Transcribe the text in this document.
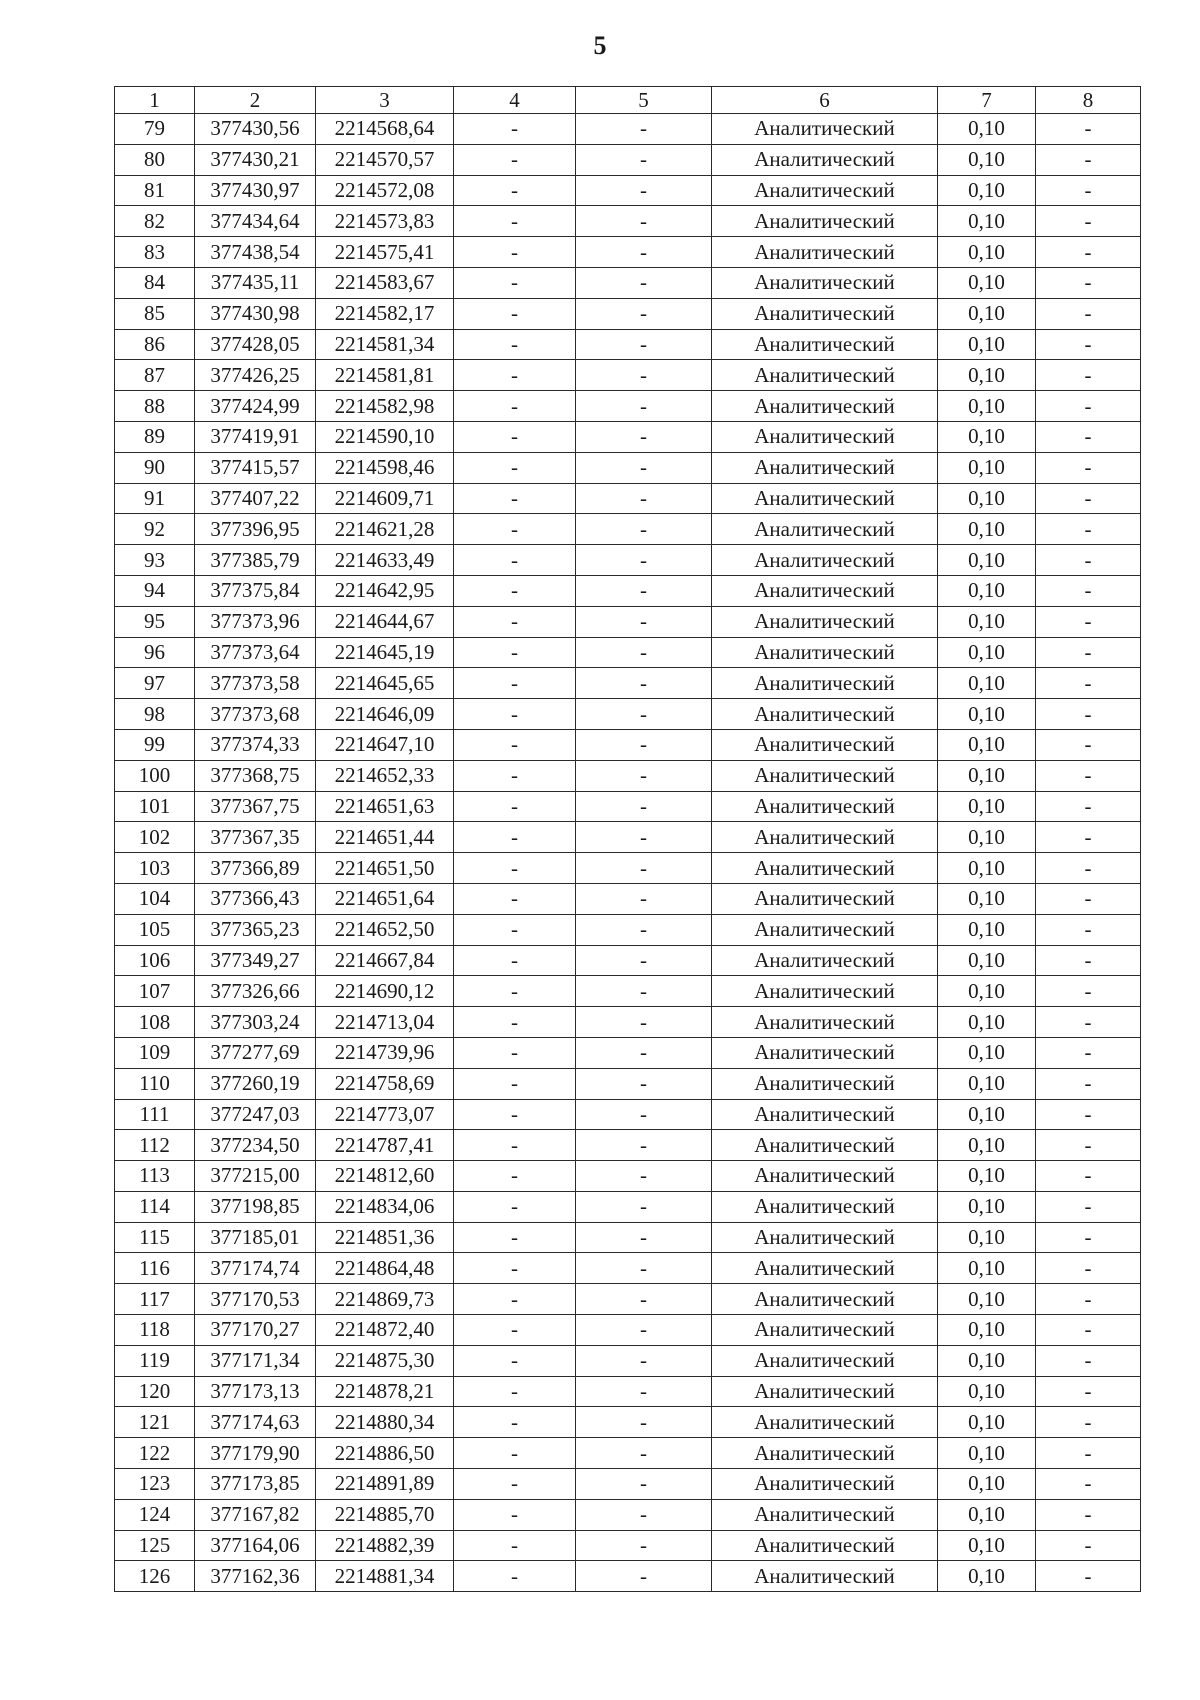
5
1	2	3	4	5	6	7	8
79	377430,56	2214568,64	-	-	Аналитический	0,10	-
80	377430,21	2214570,57	-	-	Аналитический	0,10	-
81	377430,97	2214572,08	-	-	Аналитический	0,10	-
82	377434,64	2214573,83	-	-	Аналитический	0,10	-
83	377438,54	2214575,41	-	-	Аналитический	0,10	-
84	377435,11	2214583,67	-	-	Аналитический	0,10	-
85	377430,98	2214582,17	-	-	Аналитический	0,10	-
86	377428,05	2214581,34	-	-	Аналитический	0,10	-
87	377426,25	2214581,81	-	-	Аналитический	0,10	-
88	377424,99	2214582,98	-	-	Аналитический	0,10	-
89	377419,91	2214590,10	-	-	Аналитический	0,10	-
90	377415,57	2214598,46	-	-	Аналитический	0,10	-
91	377407,22	2214609,71	-	-	Аналитический	0,10	-
92	377396,95	2214621,28	-	-	Аналитический	0,10	-
93	377385,79	2214633,49	-	-	Аналитический	0,10	-
94	377375,84	2214642,95	-	-	Аналитический	0,10	-
95	377373,96	2214644,67	-	-	Аналитический	0,10	-
96	377373,64	2214645,19	-	-	Аналитический	0,10	-
97	377373,58	2214645,65	-	-	Аналитический	0,10	-
98	377373,68	2214646,09	-	-	Аналитический	0,10	-
99	377374,33	2214647,10	-	-	Аналитический	0,10	-
100	377368,75	2214652,33	-	-	Аналитический	0,10	-
101	377367,75	2214651,63	-	-	Аналитический	0,10	-
102	377367,35	2214651,44	-	-	Аналитический	0,10	-
103	377366,89	2214651,50	-	-	Аналитический	0,10	-
104	377366,43	2214651,64	-	-	Аналитический	0,10	-
105	377365,23	2214652,50	-	-	Аналитический	0,10	-
106	377349,27	2214667,84	-	-	Аналитический	0,10	-
107	377326,66	2214690,12	-	-	Аналитический	0,10	-
108	377303,24	2214713,04	-	-	Аналитический	0,10	-
109	377277,69	2214739,96	-	-	Аналитический	0,10	-
110	377260,19	2214758,69	-	-	Аналитический	0,10	-
111	377247,03	2214773,07	-	-	Аналитический	0,10	-
112	377234,50	2214787,41	-	-	Аналитический	0,10	-
113	377215,00	2214812,60	-	-	Аналитический	0,10	-
114	377198,85	2214834,06	-	-	Аналитический	0,10	-
115	377185,01	2214851,36	-	-	Аналитический	0,10	-
116	377174,74	2214864,48	-	-	Аналитический	0,10	-
117	377170,53	2214869,73	-	-	Аналитический	0,10	-
118	377170,27	2214872,40	-	-	Аналитический	0,10	-
119	377171,34	2214875,30	-	-	Аналитический	0,10	-
120	377173,13	2214878,21	-	-	Аналитический	0,10	-
121	377174,63	2214880,34	-	-	Аналитический	0,10	-
122	377179,90	2214886,50	-	-	Аналитический	0,10	-
123	377173,85	2214891,89	-	-	Аналитический	0,10	-
124	377167,82	2214885,70	-	-	Аналитический	0,10	-
125	377164,06	2214882,39	-	-	Аналитический	0,10	-
126	377162,36	2214881,34	-	-	Аналитический	0,10	-
